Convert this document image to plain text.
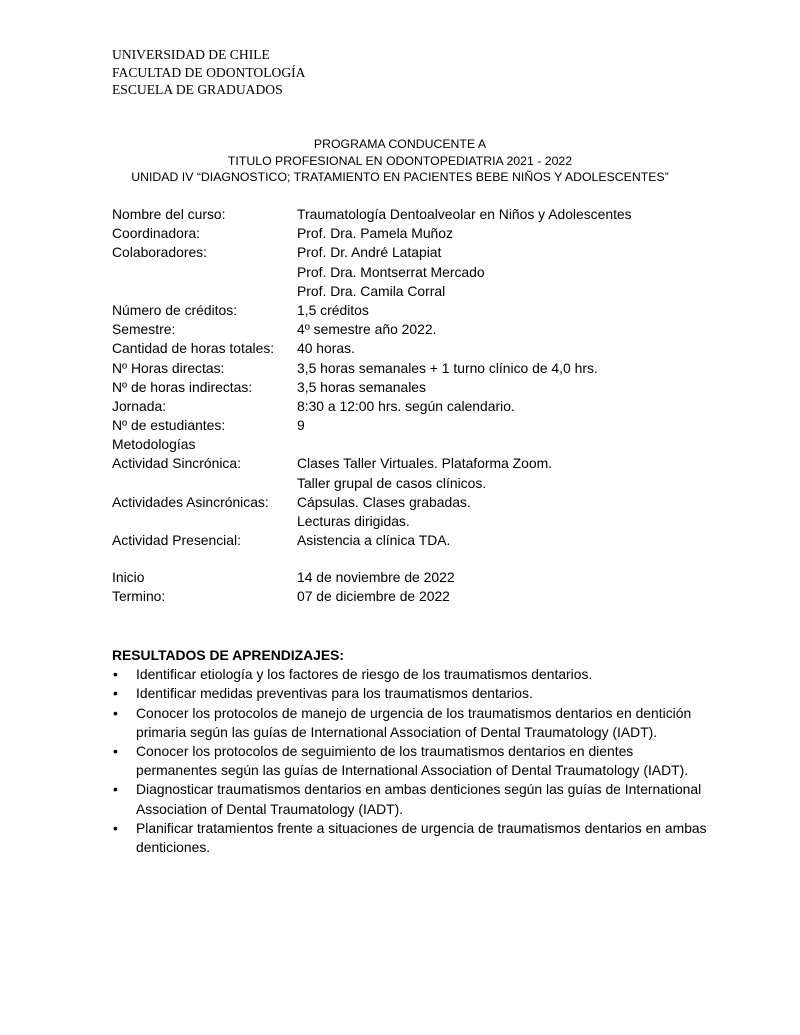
UNIVERSIDAD DE CHILE
FACULTAD DE ODONTOLOGÍA
ESCUELA DE GRADUADOS
PROGRAMA CONDUCENTE A
TITULO PROFESIONAL EN ODONTOPEDIATRIA 2021 - 2022
UNIDAD IV “DIAGNOSTICO; TRATAMIENTO EN PACIENTES BEBE NIÑOS Y ADOLESCENTES”
Nombre del curso:	Traumatología Dentoalveolar en Niños y Adolescentes
Coordinadora:	Prof. Dra. Pamela Muñoz
Colaboradores:	Prof. Dr. André Latapiat
Prof. Dra. Montserrat Mercado
Prof. Dra. Camila Corral
Número de créditos:	1,5 créditos
Semestre:	4º semestre año 2022.
Cantidad de horas totales:	40 horas.
Nº Horas directas:	3,5 horas semanales + 1 turno clínico de 4,0 hrs.
Nº de horas indirectas:	3,5 horas semanales
Jornada:	8:30 a 12:00 hrs. según calendario.
Nº de estudiantes:	9
Metodologías
Actividad Sincrónica:	Clases Taller Virtuales. Plataforma Zoom.
Taller grupal de casos clínicos.
Actividades Asincrónicas:	Cápsulas. Clases grabadas.
Lecturas dirigidas.
Actividad Presencial:	Asistencia a clínica TDA.
Inicio	14 de noviembre de 2022
Termino:	07 de diciembre de 2022
RESULTADOS DE APRENDIZAJES:
•	Identificar etiología y los factores de riesgo de los traumatismos dentarios.
•	Identificar medidas preventivas para los traumatismos dentarios.
•	Conocer los protocolos de manejo de urgencia de los traumatismos dentarios en dentición primaria según las guías de International Association of Dental Traumatology (IADT).
•	Conocer los protocolos de seguimiento de los traumatismos dentarios en dientes permanentes según las guías de International Association of Dental Traumatology (IADT).
•	Diagnosticar traumatismos dentarios en ambas denticiones según las guías de International Association of Dental Traumatology (IADT).
•	Planificar tratamientos frente a situaciones de urgencia de traumatismos dentarios en ambas denticiones.
